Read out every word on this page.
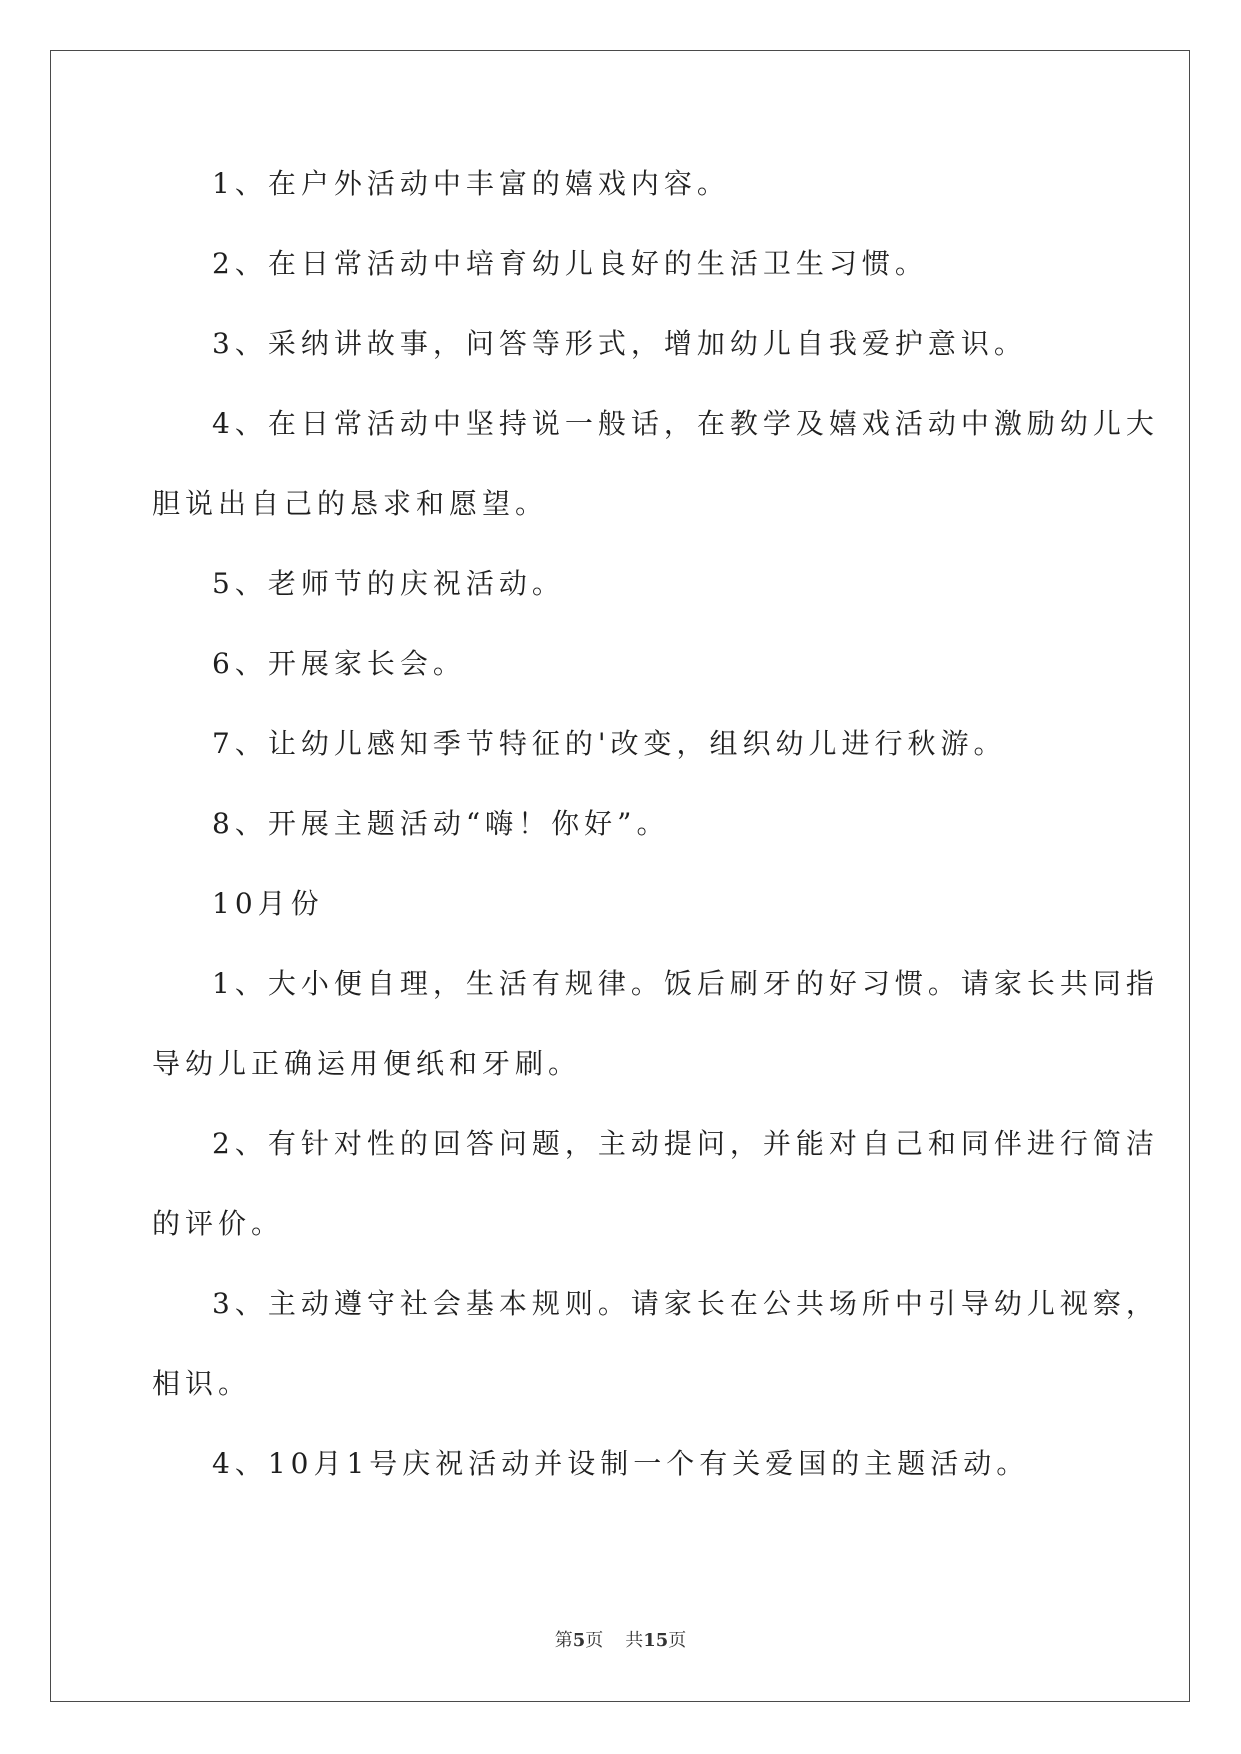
1、在户外活动中丰富的嬉戏内容。
2、在日常活动中培育幼儿良好的生活卫生习惯。
3、采纳讲故事，问答等形式，增加幼儿自我爱护意识。
4、在日常活动中坚持说一般话，在教学及嬉戏活动中激励幼儿大
胆说出自己的恳求和愿望。
5、老师节的庆祝活动。
6、开展家长会。
7、让幼儿感知季节特征的'改变，组织幼儿进行秋游。
8、开展主题活动“嗨！你好”。
10月份
1、大小便自理，生活有规律。饭后刷牙的好习惯。请家长共同指
导幼儿正确运用便纸和牙刷。
2、有针对性的回答问题，主动提问，并能对自己和同伴进行简洁
的评价。
3、主动遵守社会基本规则。请家长在公共场所中引导幼儿视察，
相识。
4、10月1号庆祝活动并设制一个有关爱国的主题活动。
第5页 共15页
